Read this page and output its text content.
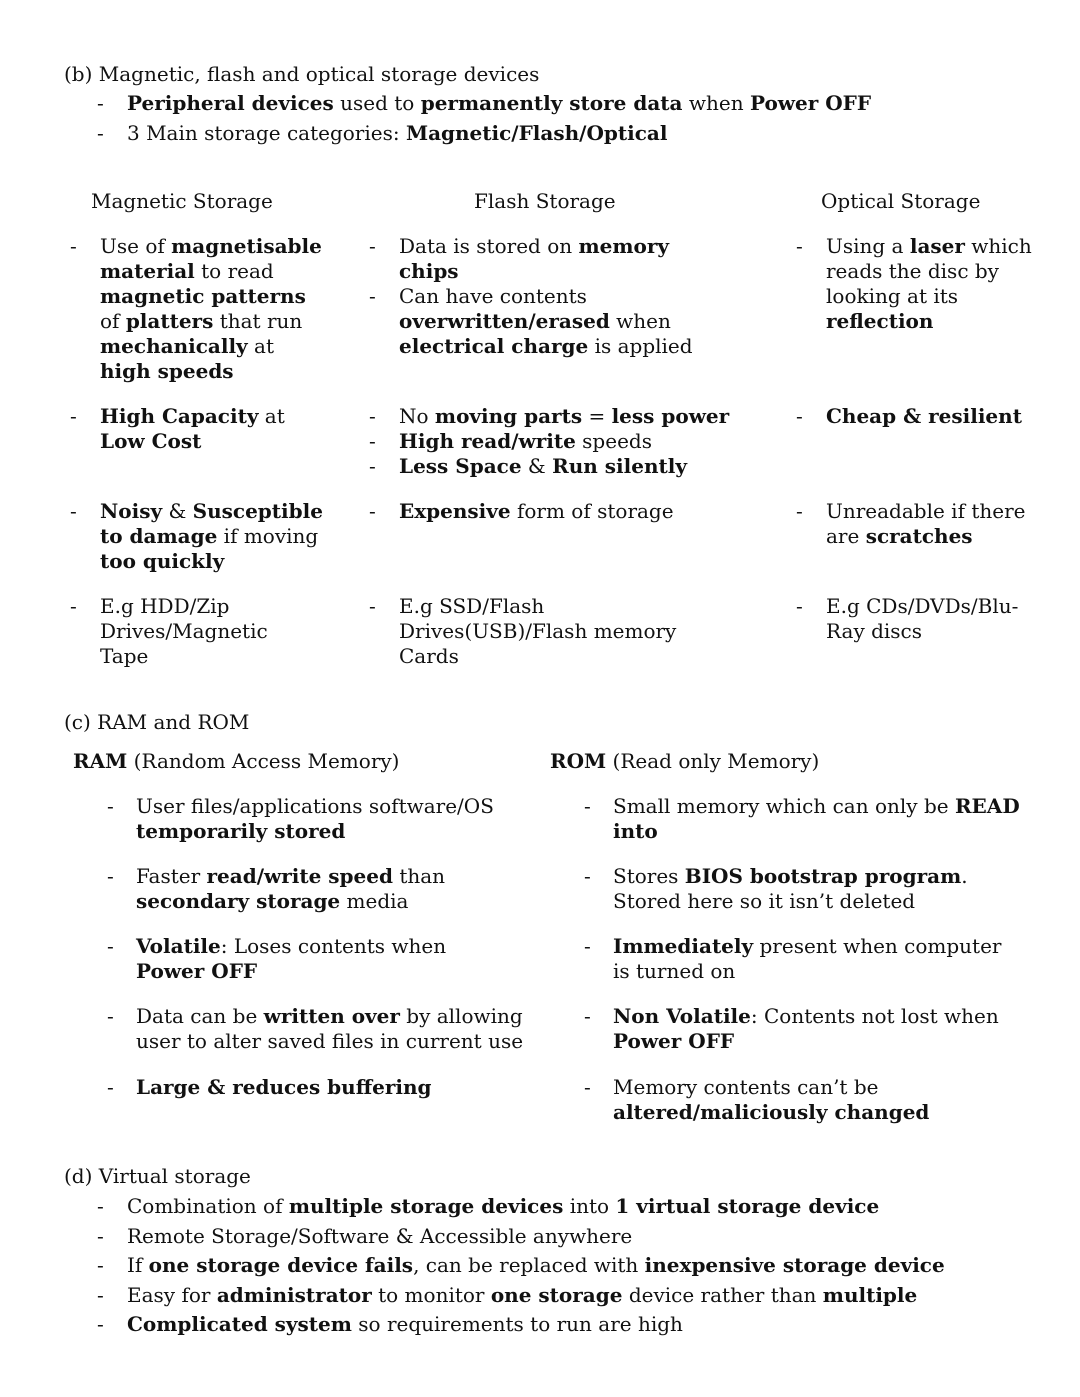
(b) Magnetic, flash and optical storage devices
- Peripheral devices used to permanently store data when Power OFF
- 3 Main storage categories: Magnetic/Flash/Optical
Magnetic Storage	Flash Storage	Optical Storage
- Use of magnetisable material to read magnetic patterns of platters that run mechanically at high speeds
- Data is stored on memory chips
- Can have contents overwritten/erased when electrical charge is applied
- Using a laser which reads the disc by looking at its reflection
- High Capacity at Low Cost
- No moving parts = less power
- High read/write speeds
- Less Space & Run silently
- Cheap & resilient
- Noisy & Susceptible to damage if moving too quickly
- Expensive form of storage
-	Unreadable if there are scratches
- E.g HDD/Zip Drives/Magnetic Tape
- E.g SSD/Flash Drives(USB)/Flash memory Cards
- E.g CDs/DVDs/Blu-Ray discs
(c) RAM and ROM
RAM (Random Access Memory)	ROM (Read only Memory)
- User files/applications software/OS temporarily stored
- Faster read/write speed than secondary storage media
- Volatile: Loses contents when Power OFF
- Data can be written over by allowing user to alter saved files in current use
- Large & reduces buffering
- Small memory which can only be READ into
- Stores BIOS bootstrap program. Stored here so it isn’t deleted
- Immediately present when computer is turned on
- Non Volatile: Contents not lost when Power OFF
- Memory contents can’t be altered/maliciously changed
(d) Virtual storage
- Combination of multiple storage devices into 1 virtual storage device
- Remote Storage/Software & Accessible anywhere
- If one storage device fails, can be replaced with inexpensive storage device
- Easy for administrator to monitor one storage device rather than multiple
- Complicated system so requirements to run are high
